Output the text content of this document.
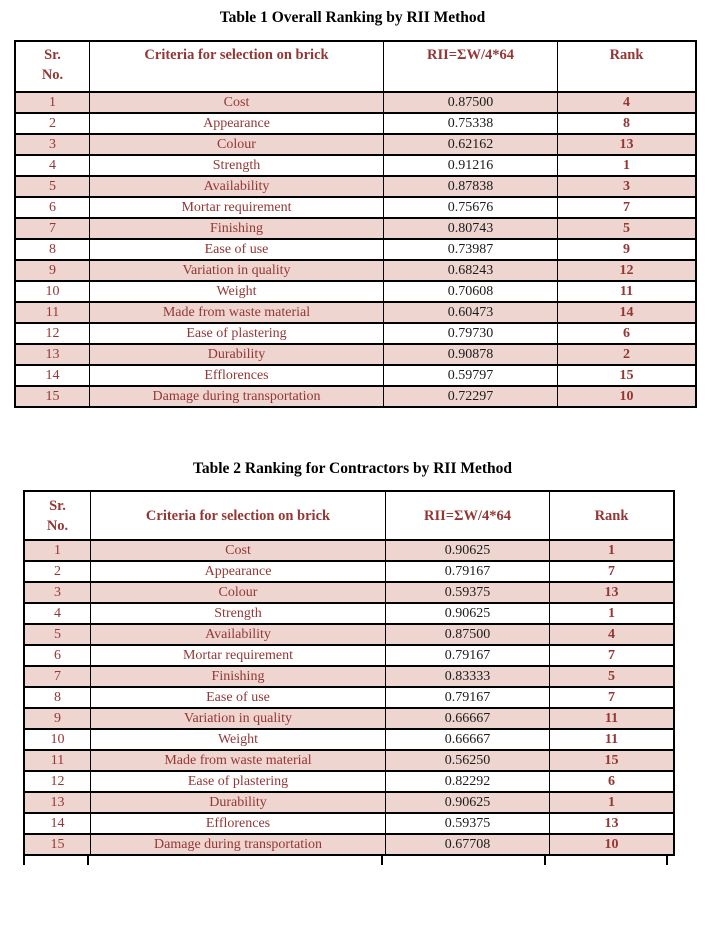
Table 1 Overall Ranking by RII Method
Sr.
No.	Criteria for selection on brick	RII=ΣW/4*64	Rank
1	Cost	0.87500	4
2	Appearance	0.75338	8
3	Colour	0.62162	13
4	Strength	0.91216	1
5	Availability	0.87838	3
6	Mortar requirement	0.75676	7
7	Finishing	0.80743	5
8	Ease of use	0.73987	9
9	Variation in quality	0.68243	12
10	Weight	0.70608	11
11	Made from waste material	0.60473	14
12	Ease of plastering	0.79730	6
13	Durability	0.90878	2
14	Efflorences	0.59797	15
15	Damage during transportation	0.72297	10
Table 2 Ranking for Contractors by RII Method
Sr.
No.	Criteria for selection on brick	RII=ΣW/4*64	Rank
1	Cost	0.90625	1
2	Appearance	0.79167	7
3	Colour	0.59375	13
4	Strength	0.90625	1
5	Availability	0.87500	4
6	Mortar requirement	0.79167	7
7	Finishing	0.83333	5
8	Ease of use	0.79167	7
9	Variation in quality	0.66667	11
10	Weight	0.66667	11
11	Made from waste material	0.56250	15
12	Ease of plastering	0.82292	6
13	Durability	0.90625	1
14	Efflorences	0.59375	13
15	Damage during transportation	0.67708	10
